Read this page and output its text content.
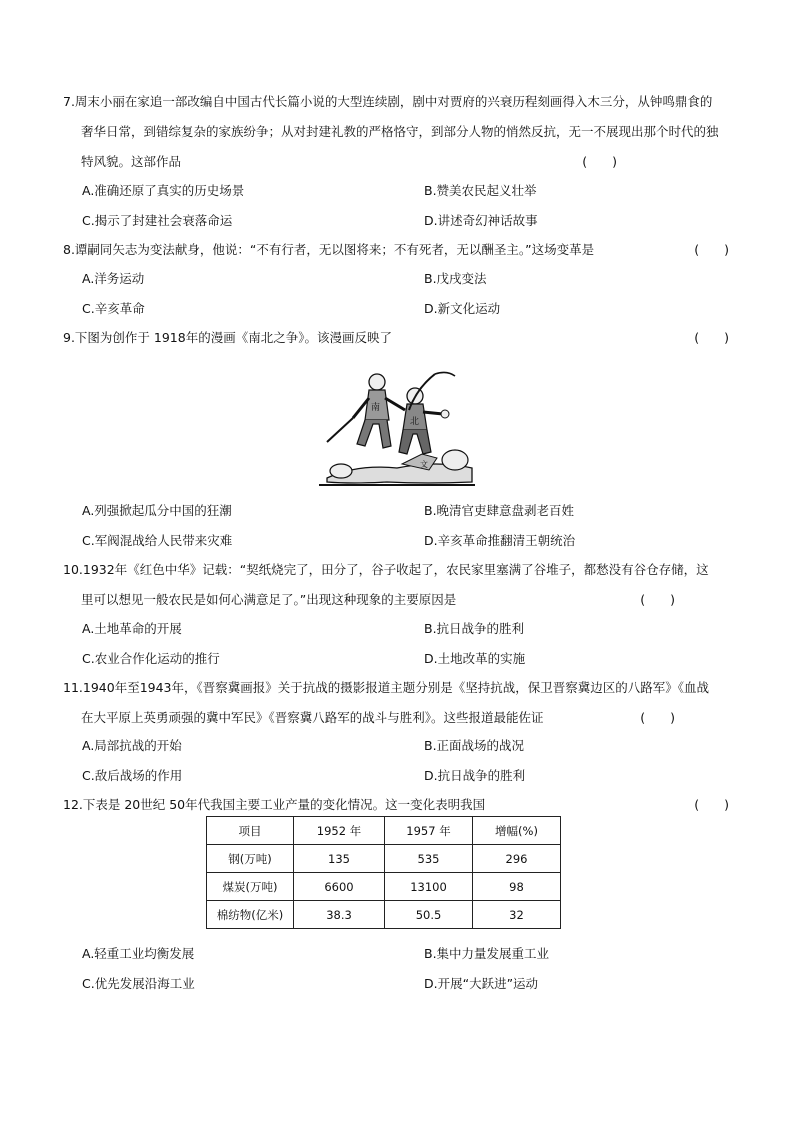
7.周末小丽在家追一部改编自中国古代长篇小说的大型连续剧，剧中对贾府的兴衰历程刻画得入木三分，从钟鸣鼎食的
奢华日常，到错综复杂的家族纷争；从对封建礼教的严格恪守，到部分人物的悄然反抗，无一不展现出那个时代的独
特风貌。这部作品	(　　)
A.准确还原了真实的历史场景	B.赞美农民起义壮举
C.揭示了封建社会衰落命运	D.讲述奇幻神话故事
8.谭嗣同矢志为变法献身，他说：“不有行者，无以图将来；不有死者，无以酬圣主。”这场变革是	(　　)
A.洋务运动	B.戊戌变法
C.辛亥革命	D.新文化运动
9.下图为创作于 1918年的漫画《南北之争》。该漫画反映了	(　　)
文
南
北
A.列强掀起瓜分中国的狂潮	B.晚清官吏肆意盘剥老百姓
C.军阀混战给人民带来灾难	D.辛亥革命推翻清王朝统治
10.1932年《红色中华》记载：“契纸烧完了，田分了，谷子收起了，农民家里塞满了谷堆子，都愁没有谷仓存储，这
里可以想见一般农民是如何心满意足了。”出现这种现象的主要原因是	(　　)
A.土地革命的开展	B.抗日战争的胜利
C.农业合作化运动的推行	D.土地改革的实施
11.1940年至1943年，《晋察冀画报》关于抗战的摄影报道主题分别是《坚持抗战，保卫晋察冀边区的八路军》《血战
在大平原上英勇顽强的冀中军民》《晋察冀八路军的战斗与胜利》。这些报道最能佐证	(　　)
A.局部抗战的开始	B.正面战场的战况
C.敌后战场的作用	D.抗日战争的胜利
12.下表是 20世纪 50年代我国主要工业产量的变化情况。这一变化表明我国	(　　)
项目	1952 年	1957 年	增幅(%)
钢(万吨)	135	535	296
煤炭(万吨)	6600	13100	98
棉纺物(亿米)	38.3	50.5	32
A.轻重工业均衡发展	B.集中力量发展重工业
C.优先发展沿海工业	D.开展“大跃进”运动
